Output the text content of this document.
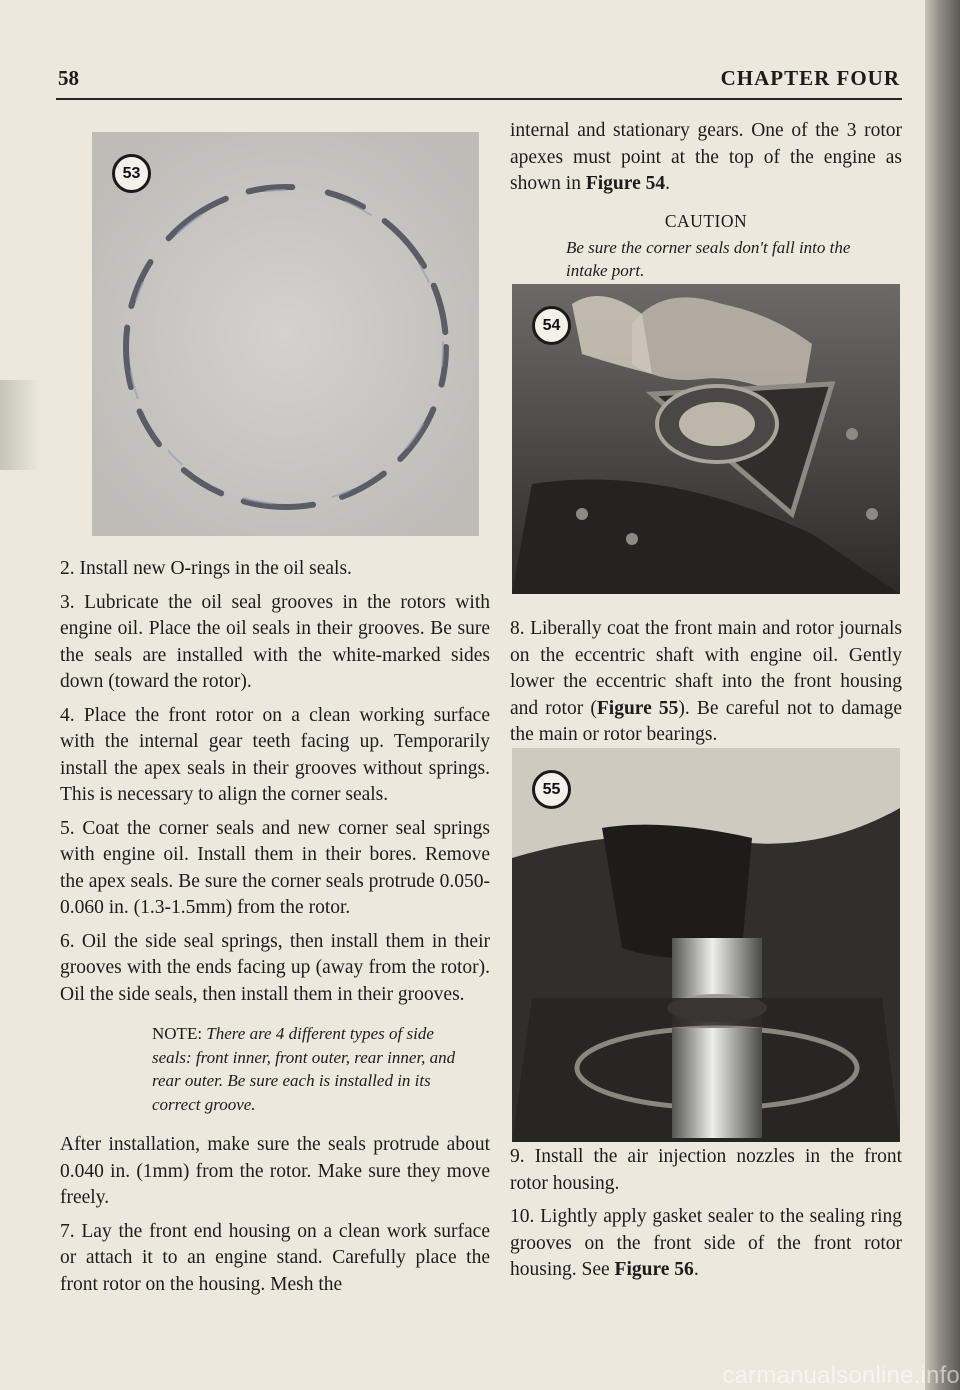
58	CHAPTER FOUR
53
54
55

2. Install new O-rings in the oil seals.

3. Lubricate the oil seal grooves in the rotors with engine oil. Place the oil seals in their grooves. Be sure the seals are installed with the white-marked sides down (toward the rotor).

4. Place the front rotor on a clean working surface with the internal gear teeth facing up. Temporarily install the apex seals in their grooves without springs. This is necessary to align the corner seals.

5. Coat the corner seals and new corner seal springs with engine oil. Install them in their bores. Remove the apex seals. Be sure the corner seals protrude 0.050-0.060 in. (1.3-1.5mm) from the rotor.

6. Oil the side seal springs, then install them in their grooves with the ends facing up (away from the rotor). Oil the side seals, then install them in their grooves.

NOTE: There are 4 different types of side seals: front inner, front outer, rear inner, and rear outer. Be sure each is installed in its correct groove.

After installation, make sure the seals protrude about 0.040 in. (1mm) from the rotor. Make sure they move freely.

7. Lay the front end housing on a clean work surface or attach it to an engine stand. Carefully place the front rotor on the housing. Mesh the

internal and stationary gears. One of the 3 rotor apexes must point at the top of the engine as shown in Figure 54.

CAUTION
Be sure the corner seals don't fall into the intake port.

8. Liberally coat the front main and rotor journals on the eccentric shaft with engine oil. Gently lower the eccentric shaft into the front housing and rotor (Figure 55). Be careful not to damage the main or rotor bearings.

9. Install the air injection nozzles in the front rotor housing.

10. Lightly apply gasket sealer to the sealing ring grooves on the front side of the front rotor housing. See Figure 56.

carmanualsonline.info
